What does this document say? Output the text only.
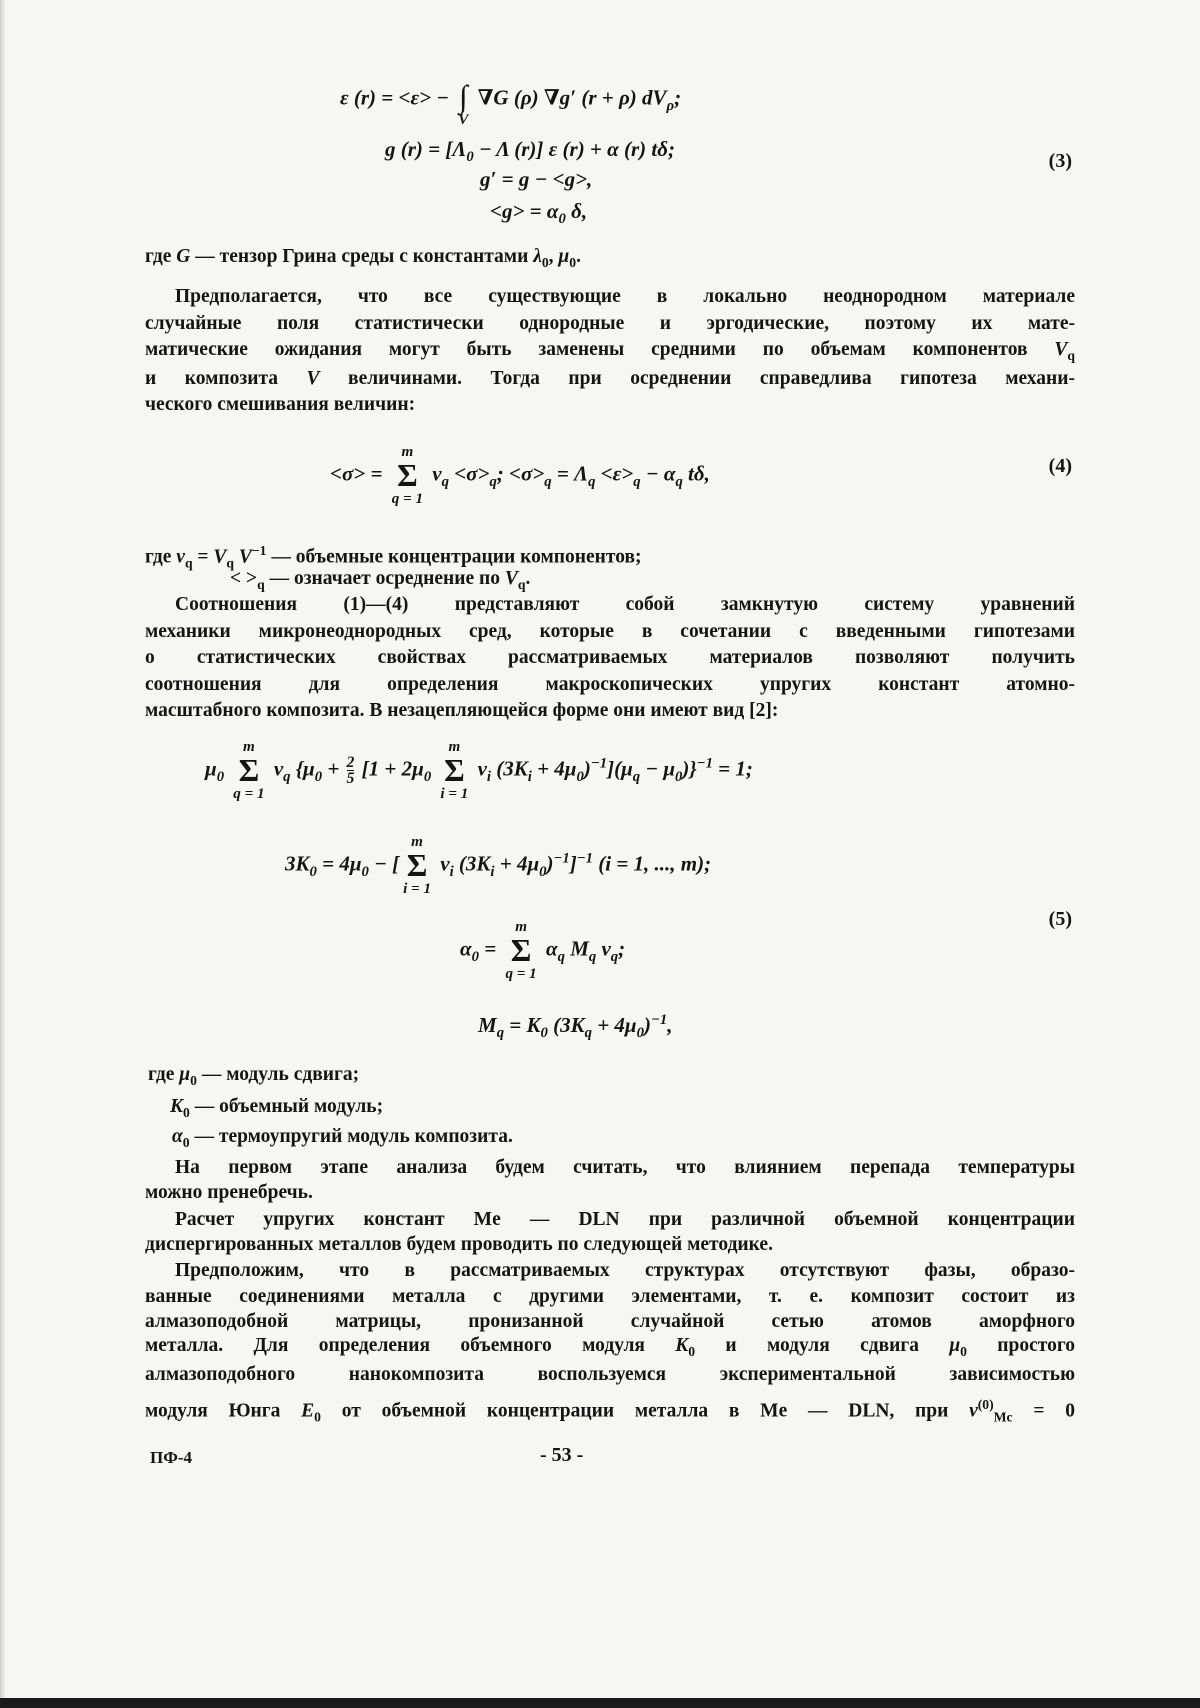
ε (r) = <ε> − ∫
V
∇G (ρ) ∇g′ (r + ρ) $dV_\rho$;
g $(r) = [\Lambda_0 - \Lambda$ (r)] ε (r) + α (r) tδ;
g′ = g − <g>,
$<g> = \alpha_0$ δ,
(3)
где G — тензор Грина среды с константами $\lambda_0$, $\mu_0$.
Предполагается, что все существующие в локально неоднородном материале
случайные поля статистически однородные и эргодические, поэтому их мате-
матические ожидания могут быть заменены средними по объемам компонентов $V_q$
и композита V величинами. Тогда при осреднении справедлива гипотеза механи-
ческого смешивания величин:
<σ> =
m
Σ
q = 1
$v_q <\sigma>_q$; $<\sigma>_q = \Lambda_q <\varepsilon>_q - \alpha_q$ tδ,	(4)
где $v_q = V_q$ $V^{-1}$ — объемные концентрации компонентов;
< $>_q$ — означает осреднение по $V_q$.
Соотношения (1)—(4) представляют собой замкнутую систему уравнений
механики микронеоднородных сред, которые в сочетании с введенными гипотезами
о статистических свойствах рассматриваемых материалов позволяют получить
соотношения для определения макроскопических упругих констант атомно-
масштабного композита. В незацепляющейся форме они имеют вид [2]:
$\mu_0$
m
Σ
q = 1
$v_q$ {$\mu_0 + \frac{2}{5} [1 + 2\mu_0$
m
Σ
i = 1
$v_i$ $(3K_i + 4\mu_0)^{-1}](\mu_q - \mu_0)\}^{-1} = 1$;
$3K_0 = 4\mu_0$ − [
m
Σ
i = 1
$v_i$ $(3K_i + 4\mu_0)^{-1}]^{-1}$ (i = 1, ..., m);
$\alpha_0$ =
m
Σ
q = 1
$\alpha_q$ $M_q$ $v_q$;
$M_q = K_0$ $(3K_q + 4\mu_0)^{-1}$,
(5)
где $\mu_0$ — модуль сдвига;
$K_0$ — объемный модуль;
$\alpha_0$ — термоупругий модуль композита.
На первом этапе анализа будем считать, что влиянием перепада температуры
можно пренебречь.
Расчет упругих констант Me — DLN при различной объемной концентрации
диспергированных металлов будем проводить по следующей методике.
Предположим, что в рассматриваемых структурах отсутствуют фазы, образо-
ванные соединениями металла с другими элементами, т. е. композит состоит из
алмазоподобной матрицы, пронизанной случайной сетью атомов аморфного
металла. Для определения объемного модуля $K_0$ и модуля сдвига $\mu_0$ простого
алмазоподобного нанокомпозита воспользуемся экспериментальной зависимостью
модуля Юнга $E_0$ от объемной концентрации металла в Me — DLN, при $v^{(0)}_{Mc} = 0$
ПФ-4	- 53 -
